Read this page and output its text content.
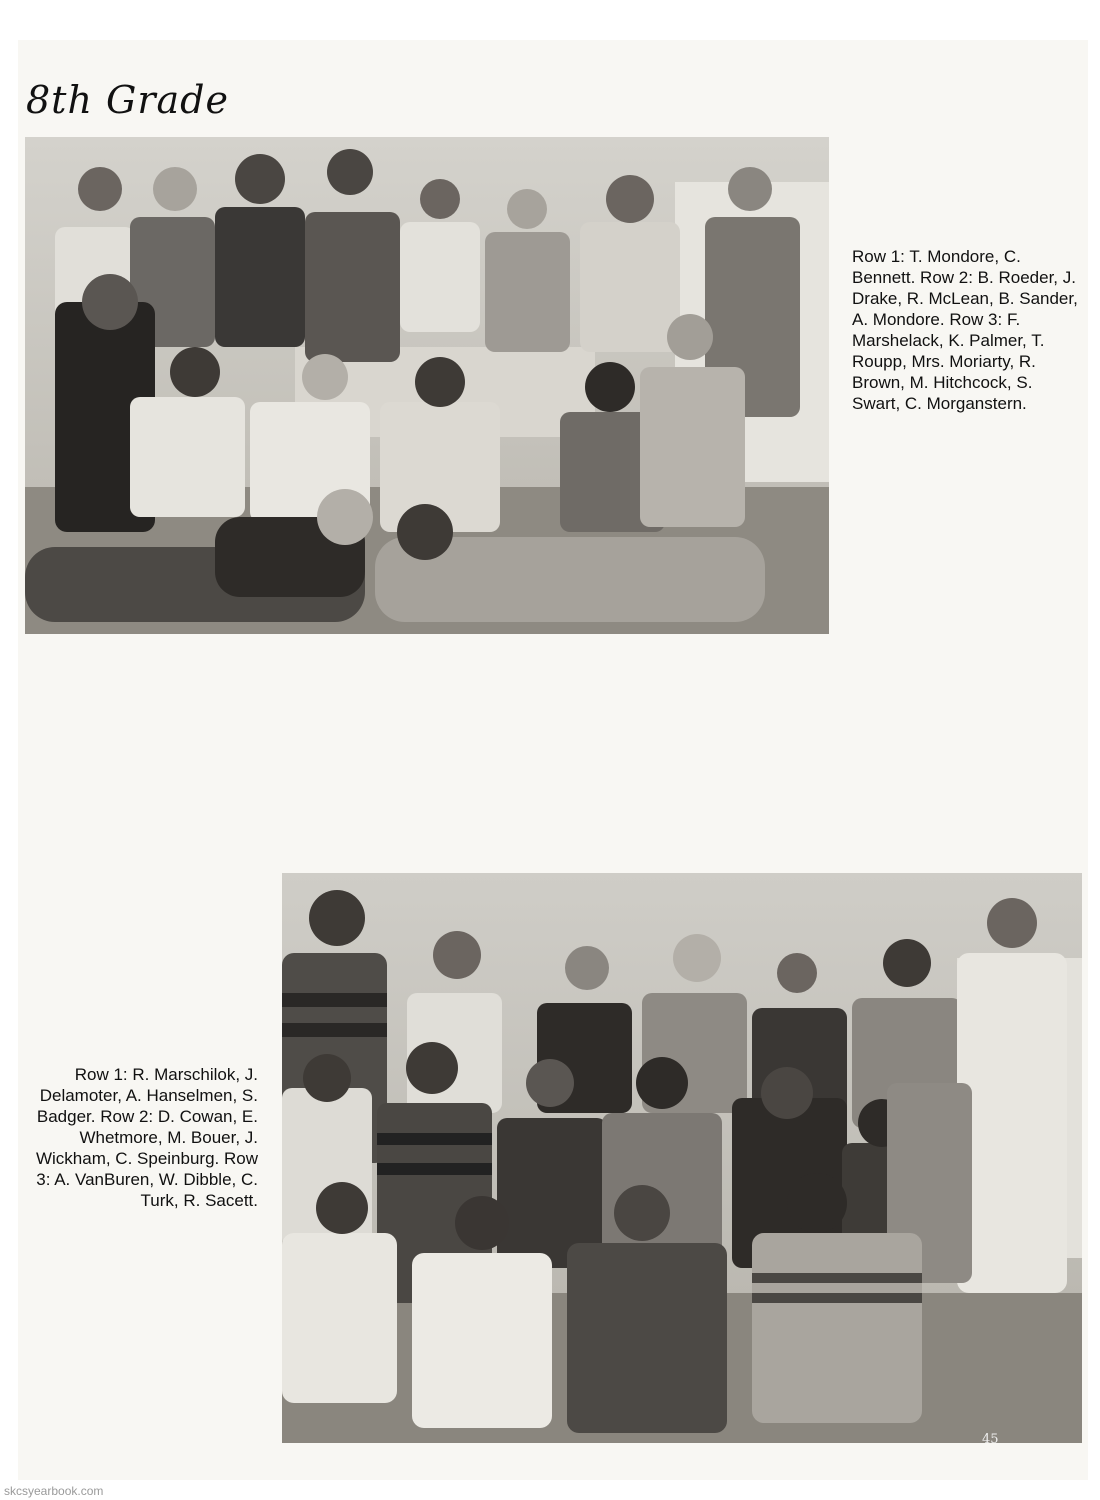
8th Grade
Row 1: T. Mondore, C. Bennett. Row 2: B. Roeder, J. Drake, R. McLean, B. Sander, A. Mondore. Row 3: F. Marshelack, K. Palmer, T. Roupp, Mrs. Moriarty, R. Brown, M. Hitchcock, S. Swart, C. Morganstern.
Row 1: R. Marschilok, J. Delamoter, A. Hanselmen, S. Badger. Row 2: D. Cowan, E. Whetmore, M. Bouer, J. Wickham, C. Speinburg. Row 3: A. VanBuren, W. Dibble, C. Turk, R. Sacett.
45
skcsyearbook.com
